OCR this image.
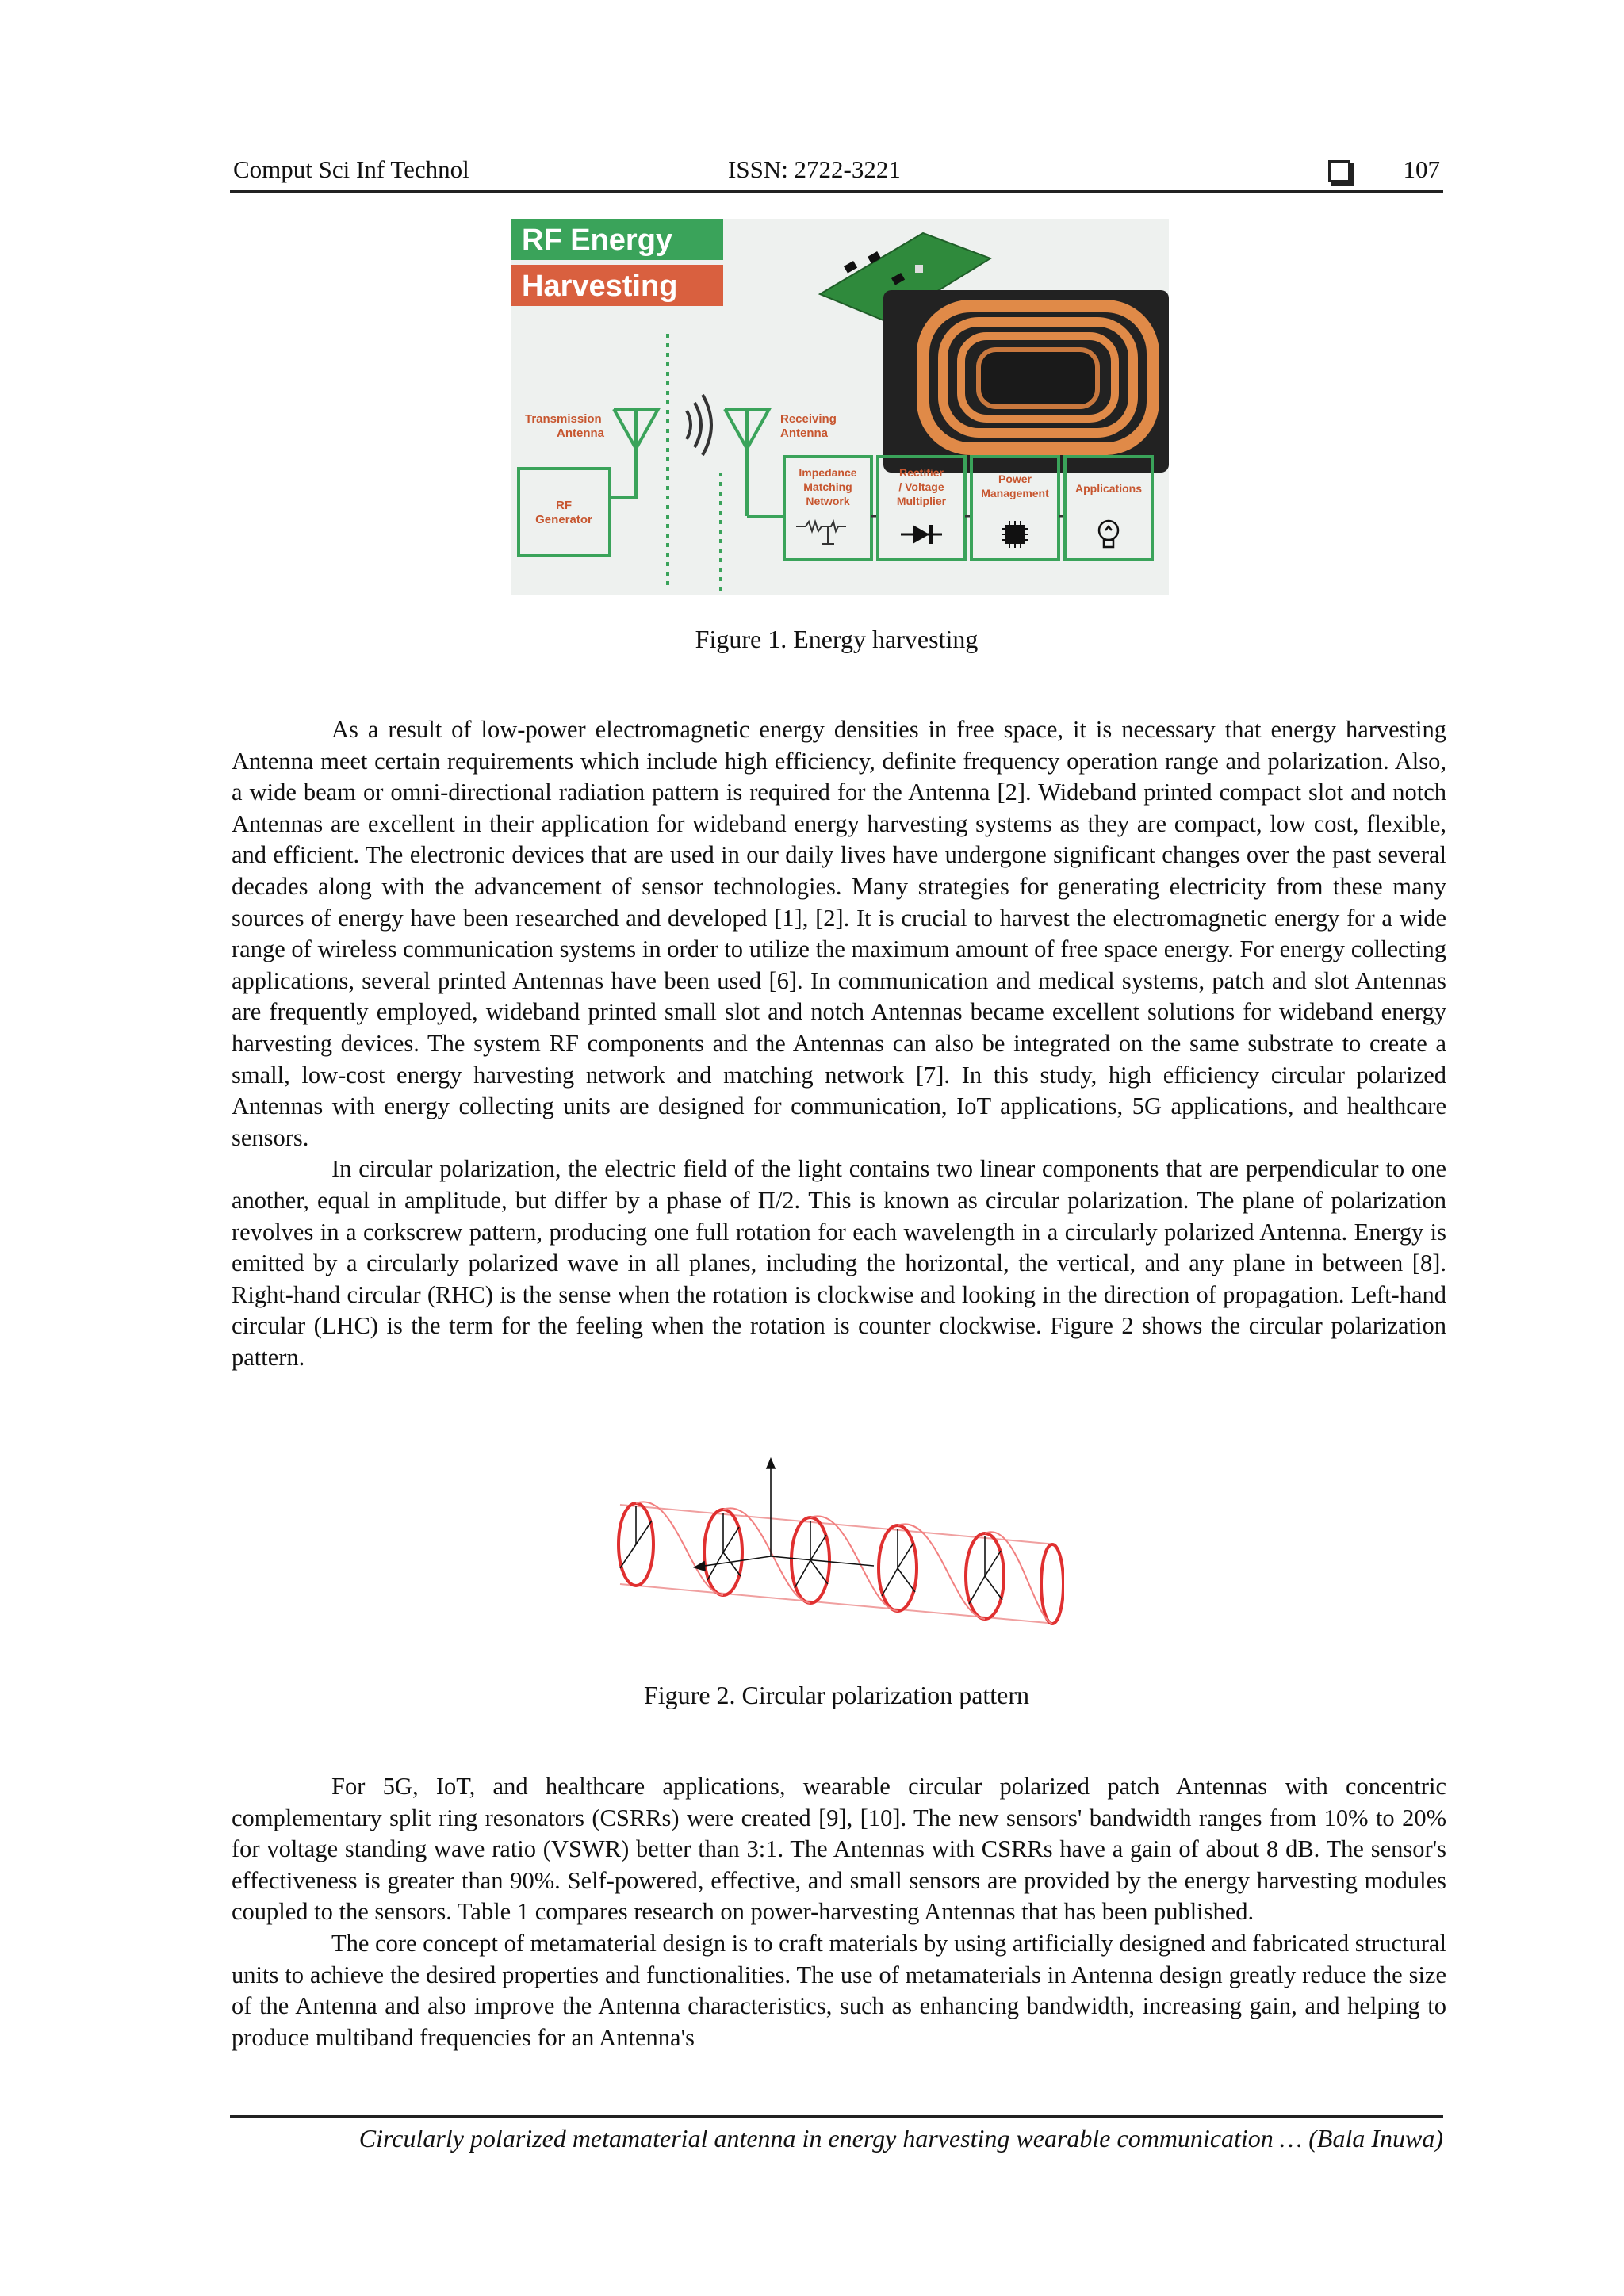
Comput Sci Inf Technol	ISSN: 2722-3221	107
RF Energy
Harvesting
Transmission
Antenna
RF
Generator
Receiving
Antenna
Impedance
Matching
Network
Rectifier
/ Voltage
Multiplier
Power
Management Applications
Figure 1. Energy harvesting

As a result of low-power electromagnetic energy densities in free space, it is necessary that energy harvesting Antenna meet certain requirements which include high efficiency, definite frequency operation range and polarization. Also, a wide beam or omni-directional radiation pattern is required for the Antenna [2]. Wideband printed compact slot and notch Antennas are excellent in their application for wideband energy harvesting systems as they are compact, low cost, flexible, and efficient. The electronic devices that are used in our daily lives have undergone significant changes over the past several decades along with the advancement of sensor technologies. Many strategies for generating electricity from these many sources of energy have been researched and developed [1], [2]. It is crucial to harvest the electromagnetic energy for a wide range of wireless communication systems in order to utilize the maximum amount of free space energy. For energy collecting applications, several printed Antennas have been used [6]. In communication and medical systems, patch and slot Antennas are frequently employed, wideband printed small slot and notch Antennas became excellent solutions for wideband energy harvesting devices. The system RF components and the Antennas can also be integrated on the same substrate to create a small, low-cost energy harvesting network and matching network [7]. In this study, high efficiency circular polarized Antennas with energy collecting units are designed for communication, IoT applications, 5G applications, and healthcare sensors.

In circular polarization, the electric field of the light contains two linear components that are perpendicular to one another, equal in amplitude, but differ by a phase of Π/2. This is known as circular polarization. The plane of polarization revolves in a corkscrew pattern, producing one full rotation for each wavelength in a circularly polarized Antenna. Energy is emitted by a circularly polarized wave in all planes, including the horizontal, the vertical, and any plane in between [8]. Right-hand circular (RHC) is the sense when the rotation is clockwise and looking in the direction of propagation. Left-hand circular (LHC) is the term for the feeling when the rotation is counter clockwise. Figure 2 shows the circular polarization pattern.

Figure 2. Circular polarization pattern

For 5G, IoT, and healthcare applications, wearable circular polarized patch Antennas with concentric complementary split ring resonators (CSRRs) were created [9], [10]. The new sensors' bandwidth ranges from 10% to 20% for voltage standing wave ratio (VSWR) better than 3:1. The Antennas with CSRRs have a gain of about 8 dB. The sensor's effectiveness is greater than 90%. Self-powered, effective, and small sensors are provided by the energy harvesting modules coupled to the sensors. Table 1 compares research on power-harvesting Antennas that has been published.

The core concept of metamaterial design is to craft materials by using artificially designed and fabricated structural units to achieve the desired properties and functionalities. The use of metamaterials in Antenna design greatly reduce the size of the Antenna and also improve the Antenna characteristics, such as enhancing bandwidth, increasing gain, and helping to produce multiband frequencies for an Antenna's

Circularly polarized metamaterial antenna in energy harvesting wearable communication … (Bala Inuwa)
